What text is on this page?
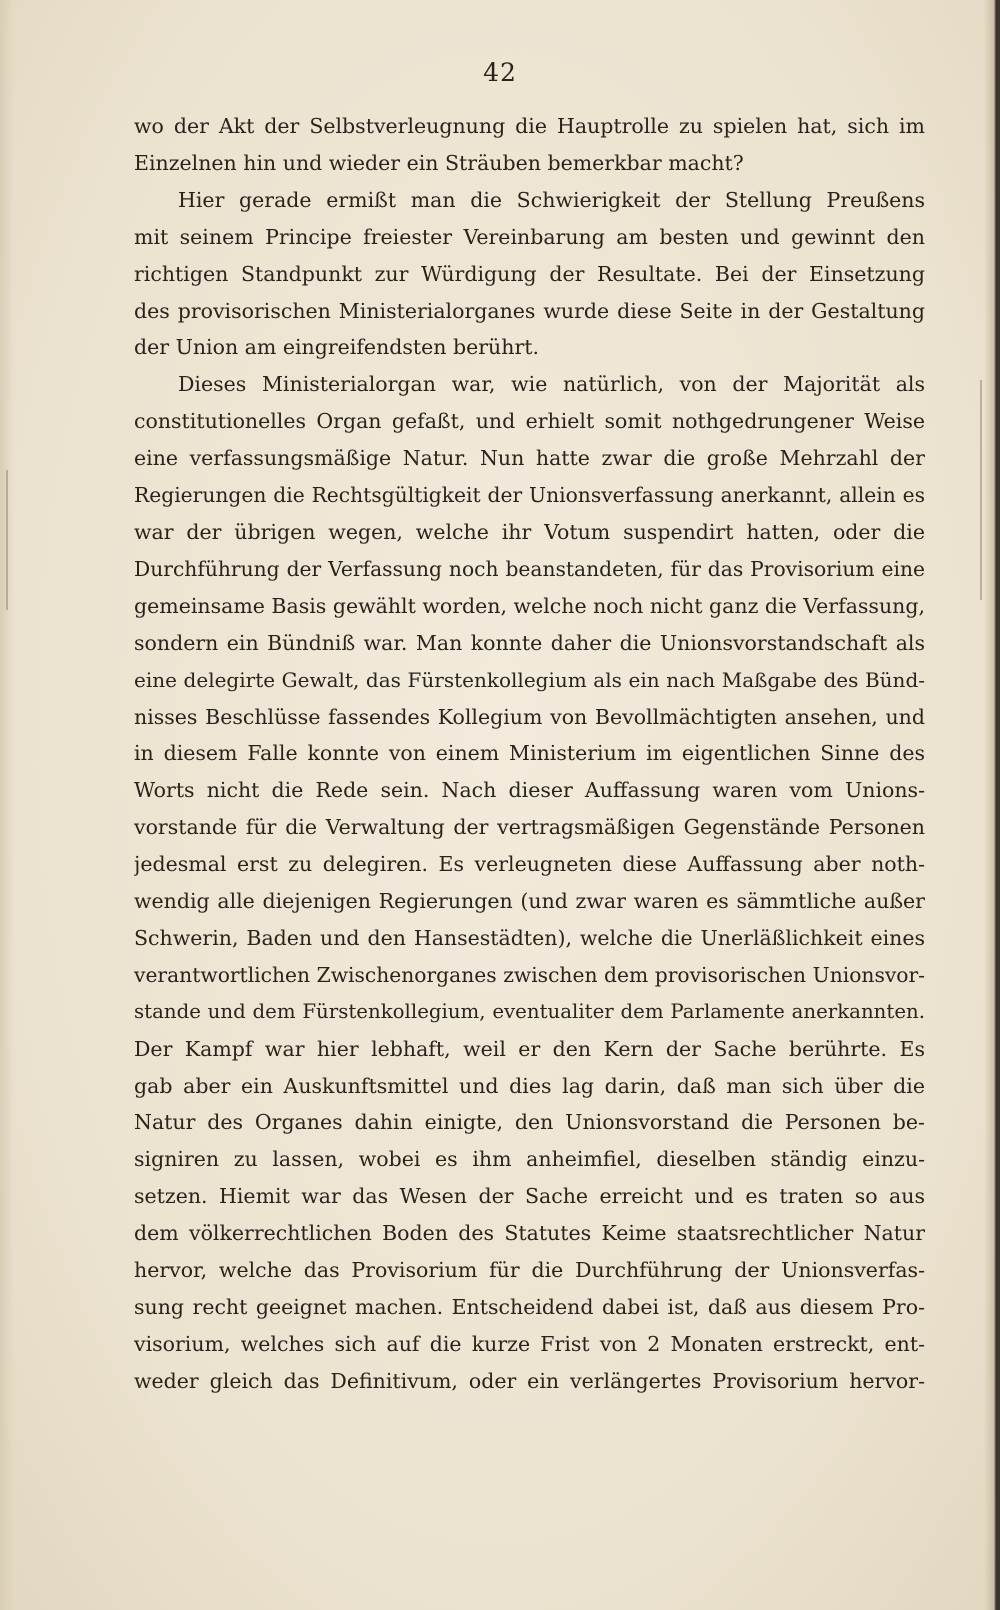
42
wo der Akt der Selbstverleugnung die Hauptrolle zu spielen hat, sich im
Einzelnen hin und wieder ein Sträuben bemerkbar macht?
Hier gerade ermißt man die Schwierigkeit der Stellung Preußens
mit seinem Principe freiester Vereinbarung am besten und gewinnt den
richtigen Standpunkt zur Würdigung der Resultate. Bei der Einsetzung
des provisorischen Ministerialorganes wurde diese Seite in der Gestaltung
der Union am eingreifendsten berührt.
Dieses Ministerialorgan war, wie natürlich, von der Majorität als
constitutionelles Organ gefaßt, und erhielt somit nothgedrungener Weise
eine verfassungsmäßige Natur. Nun hatte zwar die große Mehrzahl der
Regierungen die Rechtsgültigkeit der Unionsverfassung anerkannt, allein es
war der übrigen wegen, welche ihr Votum suspendirt hatten, oder die
Durchführung der Verfassung noch beanstandeten, für das Provisorium eine
gemeinsame Basis gewählt worden, welche noch nicht ganz die Verfassung,
sondern ein Bündniß war. Man konnte daher die Unionsvorstandschaft als
eine delegirte Gewalt, das Fürstenkollegium als ein nach Maßgabe des Bünd-
nisses Beschlüsse fassendes Kollegium von Bevollmächtigten ansehen, und
in diesem Falle konnte von einem Ministerium im eigentlichen Sinne des
Worts nicht die Rede sein. Nach dieser Auffassung waren vom Unions-
vorstande für die Verwaltung der vertragsmäßigen Gegenstände Personen
jedesmal erst zu delegiren. Es verleugneten diese Auffassung aber noth-
wendig alle diejenigen Regierungen (und zwar waren es sämmtliche außer
Schwerin, Baden und den Hansestädten), welche die Unerläßlichkeit eines
verantwortlichen Zwischenorganes zwischen dem provisorischen Unionsvor-
stande und dem Fürstenkollegium, eventualiter dem Parlamente anerkannten.
Der Kampf war hier lebhaft, weil er den Kern der Sache berührte. Es
gab aber ein Auskunftsmittel und dies lag darin, daß man sich über die
Natur des Organes dahin einigte, den Unionsvorstand die Personen be-
signiren zu lassen, wobei es ihm anheimfiel, dieselben ständig einzu-
setzen. Hiemit war das Wesen der Sache erreicht und es traten so aus
dem völkerrechtlichen Boden des Statutes Keime staatsrechtlicher Natur
hervor, welche das Provisorium für die Durchführung der Unionsverfas-
sung recht geeignet machen. Entscheidend dabei ist, daß aus diesem Pro-
visorium, welches sich auf die kurze Frist von 2 Monaten erstreckt, ent-
weder gleich das Definitivum, oder ein verlängertes Provisorium hervor-
